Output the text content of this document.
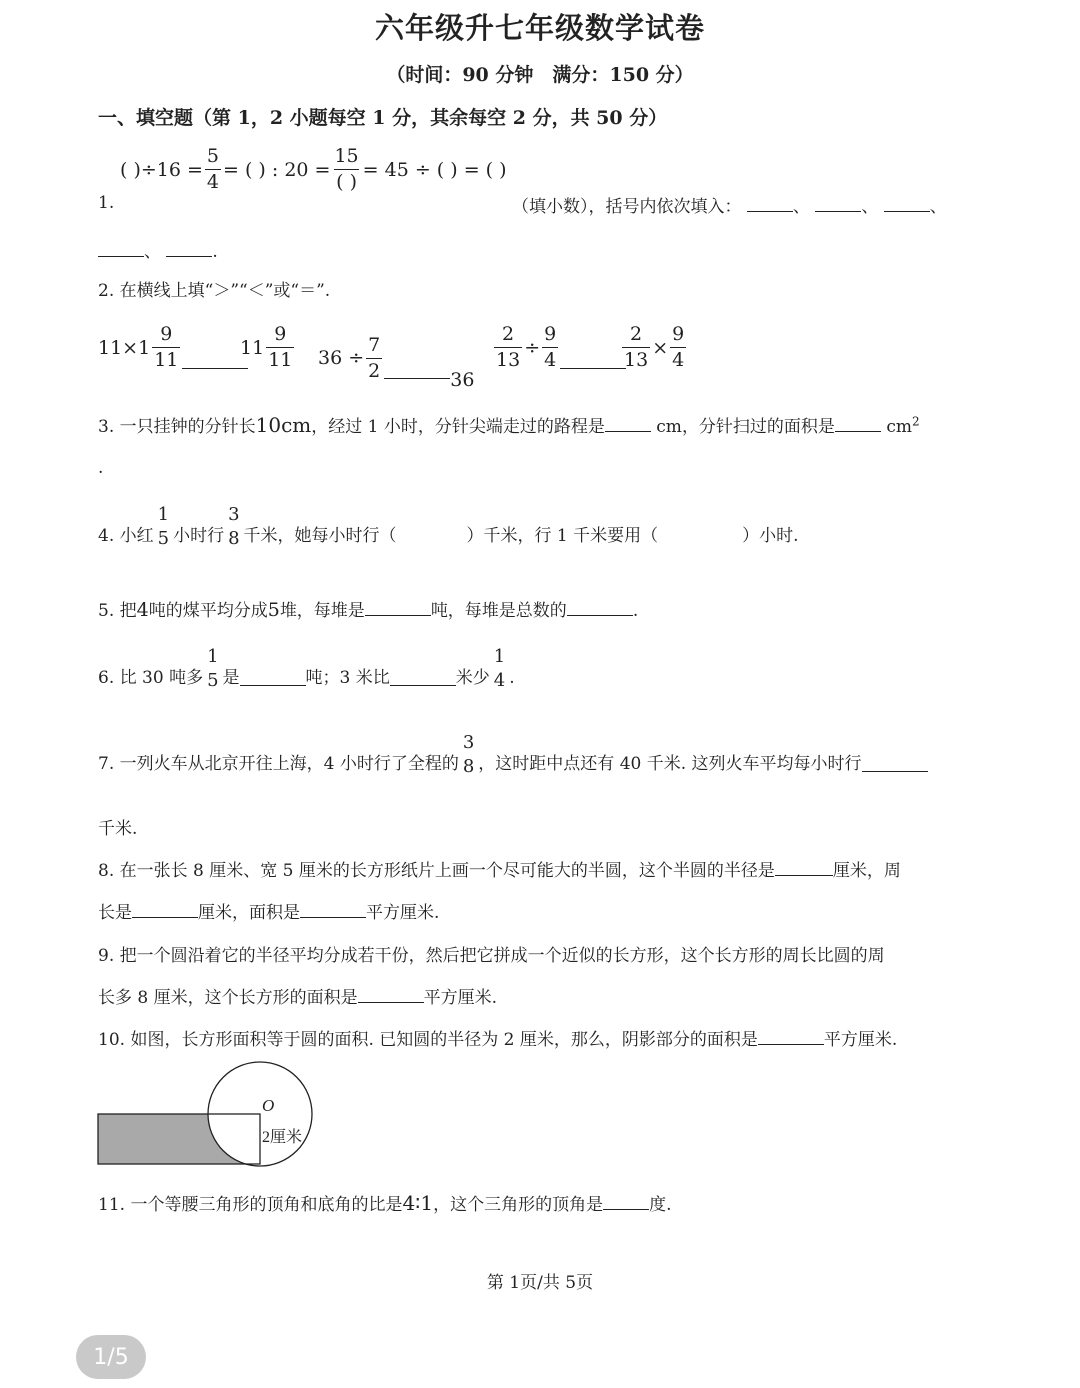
六年级升七年级数学试卷
（时间：90 分钟　满分：150 分）
一、填空题（第 1，2 小题每空 1 分，其余每空 2 分，共 50 分）
( )$\div 16 = \frac{5}{4}$ = ( ) : $20 = \frac{15}{( )} = 45$ ÷ ( ) = ( )
1.	（填小数），括号内依次填入：	、	、	、
、	.
2. 在横线上填“＞”“＜”或“＝”.
$11\times 1 \frac{9}{11}$	$11 \frac{9}{11} 36 \div \frac{7}{2}$	36
$\frac{2}{13} \div \frac{9}{4}$	$\frac{2}{13} \times \frac{9}{4}$
3. 一只挂钟的分针长10cm，经过 1 小时，分针尖端走过的路程是	cm，分针扫过的面积是	$cm^2$
.
4. 小红
1
5 小时行
3
8 千米，她每小时行（	）千米，行 1 千米要用（	）小时.
5. 把4吨的煤平均分成5堆，每堆是	吨，每堆是总数的	.
6. 比 30 吨多
1
5 是	吨；3 米比	米少
1
4 .
7. 一列火车从北京开往上海，4 小时行了全程的
3
8 ，这时距中点还有 40 千米. 这列火车平均每小时行
千米.
8. 在一张长 8 厘米、宽 5 厘米的长方形纸片上画一个尽可能大的半圆，这个半圆的半径是	厘米，周
长是	厘米，面积是	平方厘米.
9. 把一个圆沿着它的半径平均分成若干份，然后把它拼成一个近似的长方形，这个长方形的周长比圆的周
长多 8 厘米，这个长方形的面积是	平方厘米.
10. 如图，长方形面积等于圆的面积. 已知圆的半径为 2 厘米，那么，阴影部分的面积是	平方厘米.
O
2厘米
11. 一个等腰三角形的顶角和底角的比是4∶1，这个三角形的顶角是	度.
第 1页/共 5页
1/5
